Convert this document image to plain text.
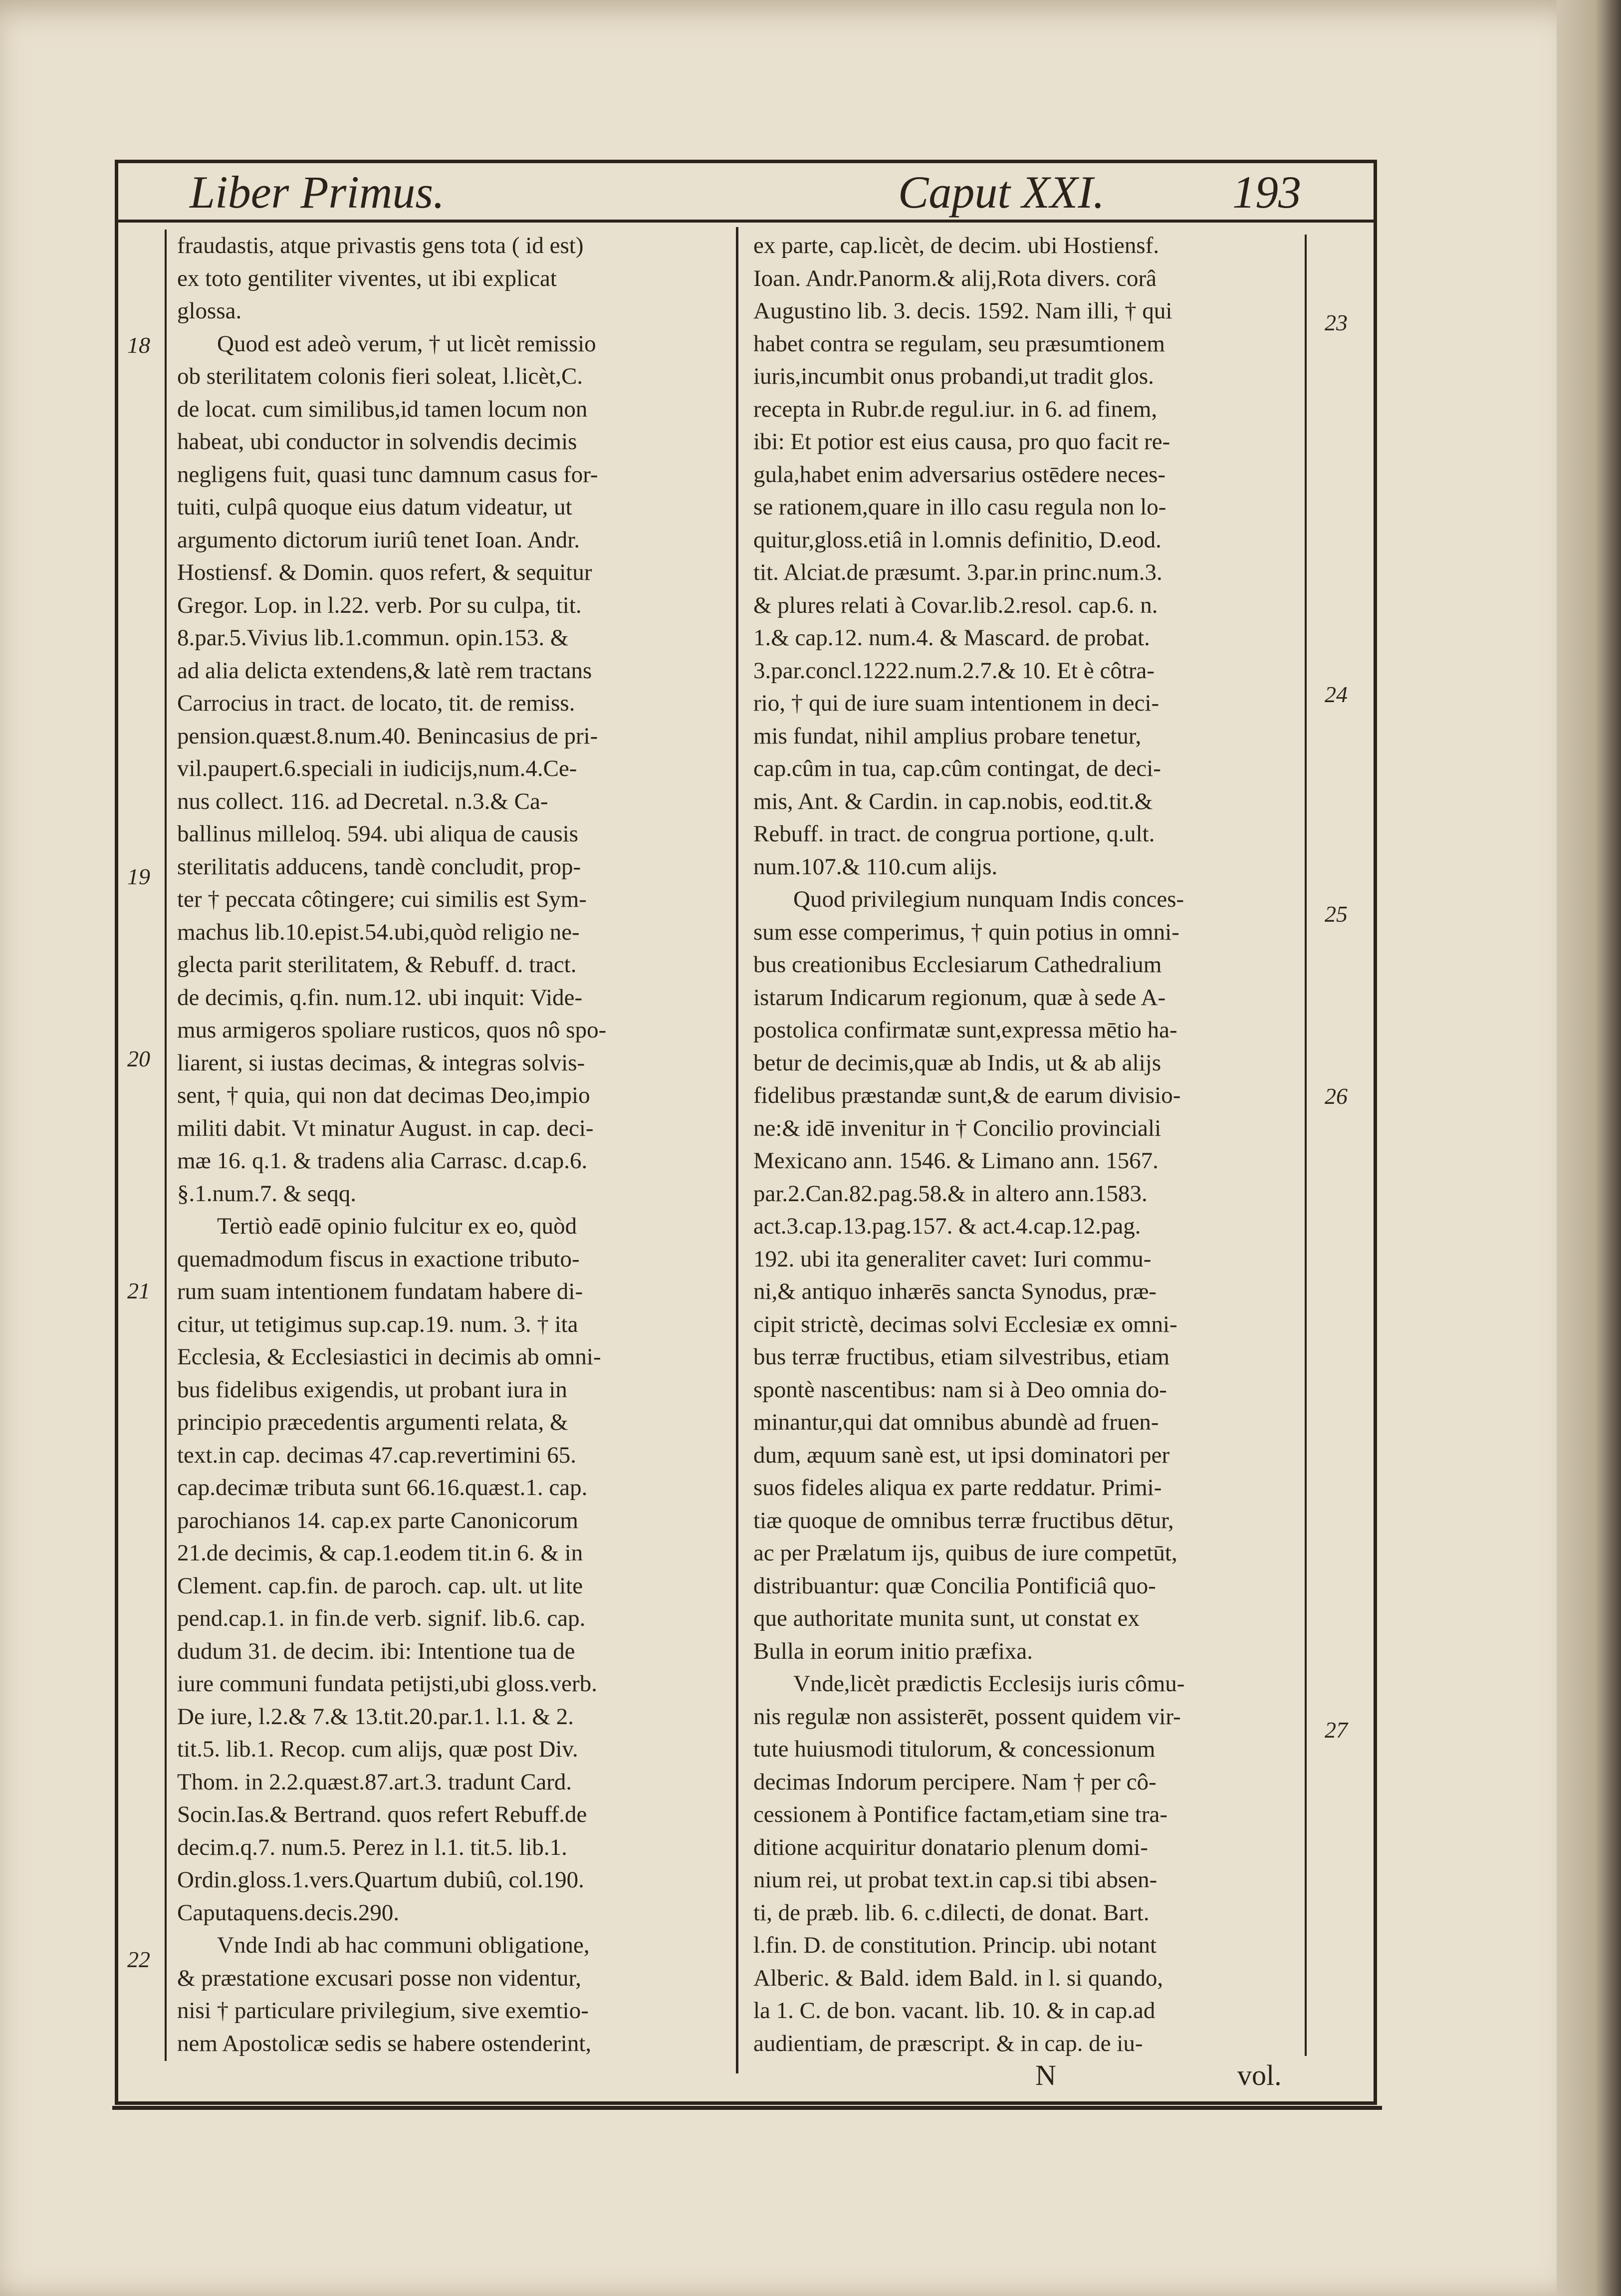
Liber Primus.	Caput XXI.	193
18
19
20
21
22
23
24
25
26
27
fraudastis, atque privastis gens tota ( id est)
ex toto gentiliter viventes, ut ibi explicat
glossa.
Quod est adeò verum, † ut licèt remissio
ob sterilitatem colonis fieri soleat, l.licèt,C.
de locat. cum similibus,id tamen locum non
habeat, ubi conductor in solvendis decimis
negligens fuit, quasi tunc damnum casus for-
tuiti, culpâ quoque eius datum videatur, ut
argumento dictorum iuriû tenet Ioan. Andr.
Hostiensf. & Domin. quos refert, & sequitur
Gregor. Lop. in l.22. verb. Por su culpa, tit.
8.par.5.Vivius lib.1.commun. opin.153. &
ad alia delicta extendens,& latè rem tractans
Carrocius in tract. de locato, tit. de remiss.
pension.quæst.8.num.40. Benincasius de pri-
vil.paupert.6.speciali in iudicijs,num.4.Ce-
nus collect. 116. ad Decretal. n.3.& Ca-
ballinus milleloq. 594. ubi aliqua de causis
sterilitatis adducens, tandè concludit, prop-
ter † peccata côtingere; cui similis est Sym-
machus lib.10.epist.54.ubi,quòd religio ne-
glecta parit sterilitatem, & Rebuff. d. tract.
de decimis, q.fin. num.12. ubi inquit: Vide-
mus armigeros spoliare rusticos, quos nô spo-
liarent, si iustas decimas, & integras solvis-
sent, † quia, qui non dat decimas Deo,impio
militi dabit. Vt minatur August. in cap. deci-
mæ 16. q.1. & tradens alia Carrasc. d.cap.6.
§.1.num.7. & seqq.
Tertiò eadē opinio fulcitur ex eo, quòd
quemadmodum fiscus in exactione tributo-
rum suam intentionem fundatam habere di-
citur, ut tetigimus sup.cap.19. num. 3. † ita
Ecclesia, & Ecclesiastici in decimis ab omni-
bus fidelibus exigendis, ut probant iura in
principio præcedentis argumenti relata, &
text.in cap. decimas 47.cap.revertimini 65.
cap.decimæ tributa sunt 66.16.quæst.1. cap.
parochianos 14. cap.ex parte Canonicorum
21.de decimis, & cap.1.eodem tit.in 6. & in
Clement. cap.fin. de paroch. cap. ult. ut lite
pend.cap.1. in fin.de verb. signif. lib.6. cap.
dudum 31. de decim. ibi: Intentione tua de
iure communi fundata petijsti,ubi gloss.verb.
De iure, l.2.& 7.& 13.tit.20.par.1. l.1. & 2.
tit.5. lib.1. Recop. cum alijs, quæ post Div.
Thom. in 2.2.quæst.87.art.3. tradunt Card.
Socin.Ias.& Bertrand. quos refert Rebuff.de
decim.q.7. num.5. Perez in l.1. tit.5. lib.1.
Ordin.gloss.1.vers.Quartum dubiû, col.190.
Caputaquens.decis.290.
Vnde Indi ab hac communi obligatione,
& præstatione excusari posse non videntur,
nisi † particulare privilegium, sive exemtio-
nem Apostolicæ sedis se habere ostenderint,
ex parte, cap.licèt, de decim. ubi Hostiensf.
Ioan. Andr.Panorm.& alij,Rota divers. corâ
Augustino lib. 3. decis. 1592. Nam illi, † qui
habet contra se regulam, seu præsumtionem
iuris,incumbit onus probandi,ut tradit glos.
recepta in Rubr.de regul.iur. in 6. ad finem,
ibi: Et potior est eius causa, pro quo facit re-
gula,habet enim adversarius ostēdere neces-
se rationem,quare in illo casu regula non lo-
quitur,gloss.etiâ in l.omnis definitio, D.eod.
tit. Alciat.de præsumt. 3.par.in princ.num.3.
& plures relati à Covar.lib.2.resol. cap.6. n.
1.& cap.12. num.4. & Mascard. de probat.
3.par.concl.1222.num.2.7.& 10. Et è côtra-
rio, † qui de iure suam intentionem in deci-
mis fundat, nihil amplius probare tenetur,
cap.cûm in tua, cap.cûm contingat, de deci-
mis, Ant. & Cardin. in cap.nobis, eod.tit.&
Rebuff. in tract. de congrua portione, q.ult.
num.107.& 110.cum alijs.
Quod privilegium nunquam Indis conces-
sum esse comperimus, † quin potius in omni-
bus creationibus Ecclesiarum Cathedralium
istarum Indicarum regionum, quæ à sede A-
postolica confirmatæ sunt,expressa mētio ha-
betur de decimis,quæ ab Indis, ut & ab alijs
fidelibus præstandæ sunt,& de earum divisio-
ne:& idē invenitur in † Concilio provinciali
Mexicano ann. 1546. & Limano ann. 1567.
par.2.Can.82.pag.58.& in altero ann.1583.
act.3.cap.13.pag.157. & act.4.cap.12.pag.
192. ubi ita generaliter cavet: Iuri commu-
ni,& antiquo inhærēs sancta Synodus, præ-
cipit strictè, decimas solvi Ecclesiæ ex omni-
bus terræ fructibus, etiam silvestribus, etiam
spontè nascentibus: nam si à Deo omnia do-
minantur,qui dat omnibus abundè ad fruen-
dum, æquum sanè est, ut ipsi dominatori per
suos fideles aliqua ex parte reddatur. Primi-
tiæ quoque de omnibus terræ fructibus dētur,
ac per Prælatum ijs, quibus de iure competūt,
distribuantur: quæ Concilia Pontificiâ quo-
que authoritate munita sunt, ut constat ex
Bulla in eorum initio præfixa.
Vnde,licèt prædictis Ecclesijs iuris cômu-
nis regulæ non assisterēt, possent quidem vir-
tute huiusmodi titulorum, & concessionum
decimas Indorum percipere. Nam † per cô-
cessionem à Pontifice factam,etiam sine tra-
ditione acquiritur donatario plenum domi-
nium rei, ut probat text.in cap.si tibi absen-
ti, de præb. lib. 6. c.dilecti, de donat. Bart.
l.fin. D. de constitution. Princip. ubi notant
Alberic. & Bald. idem Bald. in l. si quando,
la 1. C. de bon. vacant. lib. 10. & in cap.ad
audientiam, de præscript. & in cap. de iu-
N	vol.
